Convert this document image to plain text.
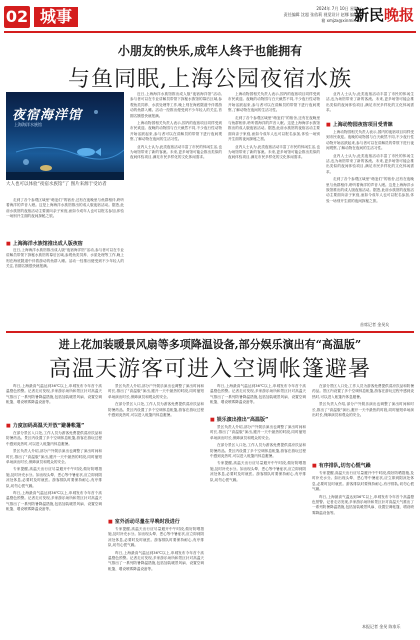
02 城事	2024年 7月 10日 星期三
责任编辑 沈超 张依莉 视觉设计 赵娜 编辑邮箱 xmjzx@xinmin.cn
新民晚报
小朋友的快乐,成年人终于也能拥有
与鱼同眠,上海公园夜宿水族
夜宿海洋馆
上海海洋水族馆
大人也可以体验“夜宿水族馆”了 图片来源于受访者

走到了各个参观区域里“萌宠们”的宿舍,还有在夜晚里与鱼群相伴,聆听着海洋的声音入眠。这是上海海洋水族馆推出的成人版夜宿活动。据悉,此前水族馆的夜宿活动主要面向亲子家庭,而如今成年人也可以报名参加,体验一场别开生面的夜间探秘之旅。

■ 上海海洋水族馆推出成人版夜宿

近日,上海海洋水族馆推出成人版“夜宿海洋馆”活动,参与者可以在专业讲解员带领下探秘水族馆的幕后区域,参观鱼类饲养、水质处理等工作,晚上则在海底隧道中伴着游动的鱼群入睡。活动一经推出便受到不少年轻人的关注,首期名额很快就报满。

近日,上海海洋水族馆推出成人版“夜宿海洋馆”活动,参与者可以在专业讲解员带领下探秘水族馆的幕后区域,参观鱼类饲养、水质处理等工作,晚上则在海底隧道中伴着游动的鱼群入睡。活动一经推出便受到不少年轻人的关注,首期名额很快就报满。

上海动物园相关负责人表示,园内的夜宿项目同样受到市民欢迎。夜晚的动物园与白天截然不同,不少夜行性动物开始活跃起来,参与者可以在讲解员的带领下进行夜间观察,了解动物在夜间的生活习性。

业内人士认为,此类夜宿活动丰富了市民的休闲生活,也为场馆带来了新的客流。未来,更多场馆可能会推出类似的夜间体验项目,满足市民多样化的文化休闲需求。

上海动物园相关负责人表示,园内的夜宿项目同样受到市民欢迎。夜晚的动物园与白天截然不同,不少夜行性动物开始活跃起来,参与者可以在讲解员的带领下进行夜间观察,了解动物在夜间的生活习性。

走到了各个参观区域里“萌宠们”的宿舍,还有在夜晚里与鱼群相伴,聆听着海洋的声音入眠。这是上海海洋水族馆推出的成人版夜宿活动。据悉,此前水族馆的夜宿活动主要面向亲子家庭,而如今成年人也可以报名参加,体验一场别开生面的夜间探秘之旅。

业内人士认为,此类夜宿活动丰富了市民的休闲生活,也为场馆带来了新的客流。未来,更多场馆可能会推出类似的夜间体验项目,满足市民多样化的文化休闲需求。

业内人士认为,此类夜宿活动丰富了市民的休闲生活,也为场馆带来了新的客流。未来,更多场馆可能会推出类似的夜间体验项目,满足市民多样化的文化休闲需求。

■ 上海动物园夜宿项目受青睐

上海动物园相关负责人表示,园内的夜宿项目同样受到市民欢迎。夜晚的动物园与白天截然不同,不少夜行性动物开始活跃起来,参与者可以在讲解员的带领下进行夜间观察,了解动物在夜间的生活习性。

业内人士认为,此类夜宿活动丰富了市民的休闲生活,也为场馆带来了新的客流。未来,更多场馆可能会推出类似的夜间体验项目,满足市民多样化的文化休闲需求。

走到了各个参观区域里“萌宠们”的宿舍,还有在夜晚里与鱼群相伴,聆听着海洋的声音入眠。这是上海海洋水族馆推出的成人版夜宿活动。据悉,此前水族馆的夜宿活动主要面向亲子家庭,而如今成年人也可以报名参加,体验一场别开生面的夜间探秘之旅。

首席记者 金旻矣
进上花加装暖景风扇等多项降温设备,部分娱乐演出有“高温版”
高温天游客可进入空调帐篷避暑

昨日,上海最高气温达到36℃以上,申城发布今年首个高温橙色预警。记者走访发现,多家游乐场所和景区针对高温天气推出了一系列防暑降温措施,包括加装暖景风扇、设置空调帐篷、增设喷雾降温设备等。

■ 力度加码高温天开放“避暑帐篷”

在部分景区入口处,工作人员为游客免费提供清凉饮品和防暑药品。景区内设置了多个空调休息帐篷,游客在游玩过程中感到炎热时,可以进入帐篷内休息避暑。

景区负责人介绍,部分户外娱乐演出也调整了演出时间和时长,推出了“高温版”演出,避开一天中最热的时段,同时缩短单场演出时长,保障演员和观众的安全。

专家提醒,高温天出行应尽量避开中午时段,做好防晒措施,及时补充水分。如出现头晕、恶心等中暑症状,应立即到阴凉处休息,必要时及时就医。游客排队时要保持耐心,有序排队,切勿心慌气躁。

昨日,上海最高气温达到36℃以上,申城发布今年首个高温橙色预警。记者走访发现,多家游乐场所和景区针对高温天气推出了一系列防暑降温措施,包括加装暖景风扇、设置空调帐篷、增设喷雾降温设备等。

景区负责人介绍,部分户外娱乐演出也调整了演出时间和时长,推出了“高温版”演出,避开一天中最热的时段,同时缩短单场演出时长,保障演员和观众的安全。

在部分景区入口处,工作人员为游客免费提供清凉饮品和防暑药品。景区内设置了多个空调休息帐篷,游客在游玩过程中感到炎热时,可以进入帐篷内休息避暑。

■ 室外活动尽量在早晚时段进行

专家提醒,高温天出行应尽量避开中午时段,做好防晒措施,及时补充水分。如出现头晕、恶心等中暑症状,应立即到阴凉处休息,必要时及时就医。游客排队时要保持耐心,有序排队,切勿心慌气躁。

昨日,上海最高气温达到36℃以上,申城发布今年首个高温橙色预警。记者走访发现,多家游乐场所和景区针对高温天气推出了一系列防暑降温措施,包括加装暖景风扇、设置空调帐篷、增设喷雾降温设备等。

昨日,上海最高气温达到36℃以上,申城发布今年首个高温橙色预警。记者走访发现,多家游乐场所和景区针对高温天气推出了一系列防暑降温措施,包括加装暖景风扇、设置空调帐篷、增设喷雾降温设备等。

■ 娱乐演出推出“高温版”

景区负责人介绍,部分户外娱乐演出也调整了演出时间和时长,推出了“高温版”演出,避开一天中最热的时段,同时缩短单场演出时长,保障演员和观众的安全。

在部分景区入口处,工作人员为游客免费提供清凉饮品和防暑药品。景区内设置了多个空调休息帐篷,游客在游玩过程中感到炎热时,可以进入帐篷内休息避暑。

专家提醒,高温天出行应尽量避开中午时段,做好防晒措施,及时补充水分。如出现头晕、恶心等中暑症状,应立即到阴凉处休息,必要时及时就医。游客排队时要保持耐心,有序排队,切勿心慌气躁。

在部分景区入口处,工作人员为游客免费提供清凉饮品和防暑药品。景区内设置了多个空调休息帐篷,游客在游玩过程中感到炎热时,可以进入帐篷内休息避暑。

景区负责人介绍,部分户外娱乐演出也调整了演出时间和时长,推出了“高温版”演出,避开一天中最热的时段,同时缩短单场演出时长,保障演员和观众的安全。

■ 有序排队,切勿心慌气躁

专家提醒,高温天出行应尽量避开中午时段,做好防晒措施,及时补充水分。如出现头晕、恶心等中暑症状,应立即到阴凉处休息,必要时及时就医。游客排队时要保持耐心,有序排队,切勿心慌气躁。

昨日,上海最高气温达到36℃以上,申城发布今年首个高温橙色预警。记者走访发现,多家游乐场所和景区针对高温天气推出了一系列防暑降温措施,包括加装暖景风扇、设置空调帐篷、增设喷雾降温设备等。

本报记者 金旻 陈家乐
